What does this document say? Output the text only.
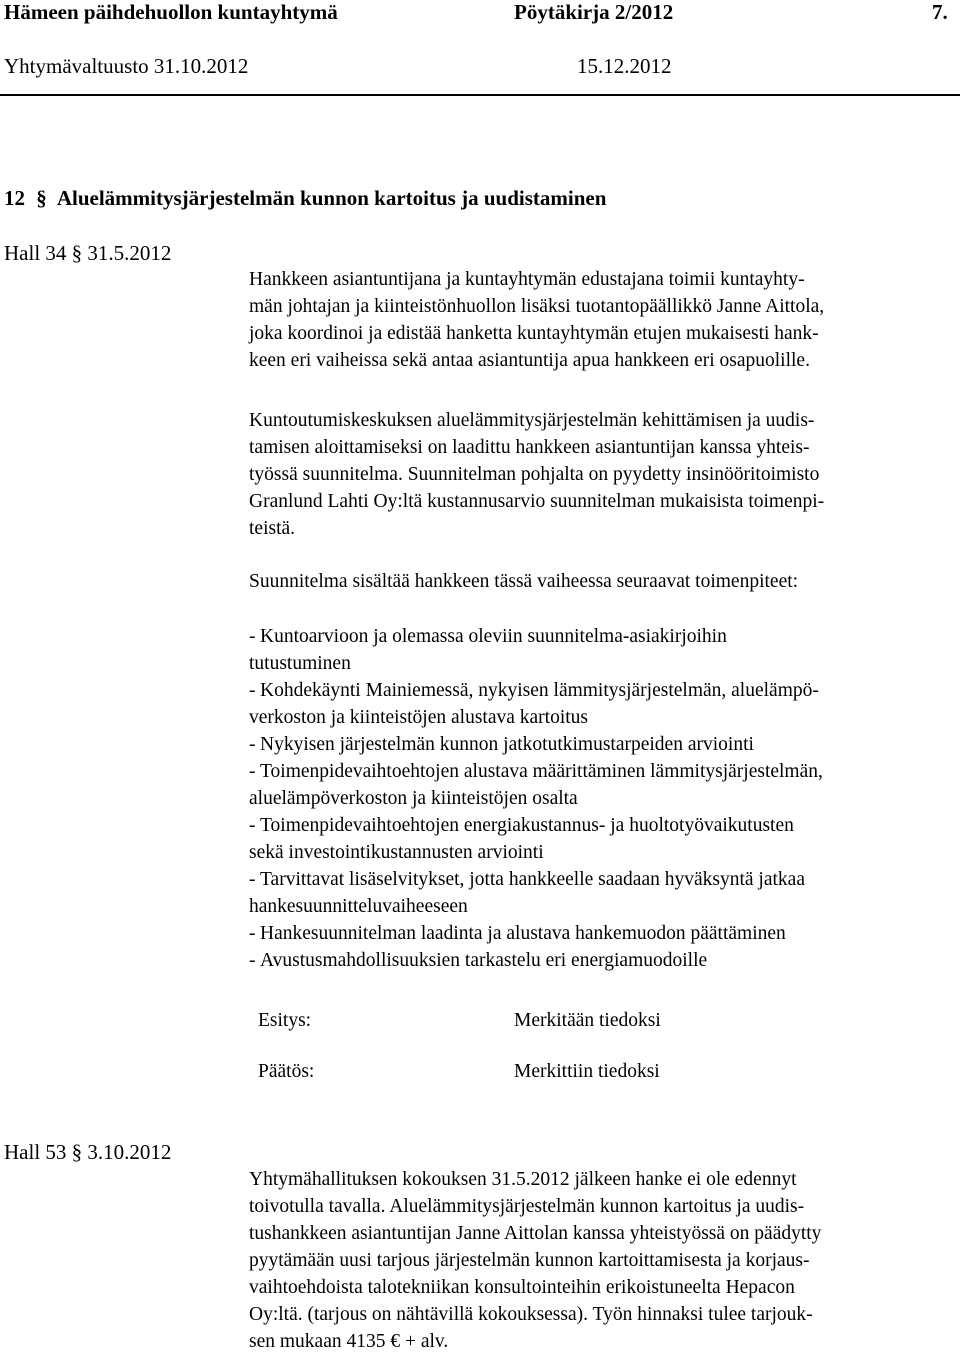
Hämeen päihdehuollon kuntayhtymä	Pöytäkirja 2/2012	7.
Yhtymävaltuusto 31.10.2012	15.12.2012
12 § Aluelämmitysjärjestelmän kunnon kartoitus ja uudistaminen
Hall 34 § 31.5.2012
Hankkeen asiantuntijana ja kuntayhtymän edustajana toimii kuntayhty-
män johtajan ja kiinteistönhuollon lisäksi tuotantopäällikkö Janne Aittola,
joka koordinoi ja edistää hanketta kuntayhtymän etujen mukaisesti hank-
keen eri vaiheissa sekä antaa asiantuntija apua hankkeen eri osapuolille.
Kuntoutumiskeskuksen aluelämmitysjärjestelmän kehittämisen ja uudis-
tamisen aloittamiseksi on laadittu hankkeen asiantuntijan kanssa yhteis-
työssä suunnitelma. Suunnitelman pohjalta on pyydetty insinööritoimisto
Granlund Lahti Oy:ltä kustannusarvio suunnitelman mukaisista toimenpi-
teistä.
Suunnitelma sisältää hankkeen tässä vaiheessa seuraavat toimenpiteet:
- Kuntoarvioon ja olemassa oleviin suunnitelma-asiakirjoihin
tutustuminen
- Kohdekäynti Mainiemessä, nykyisen lämmitysjärjestelmän, aluelämpö-
verkoston ja kiinteistöjen alustava kartoitus
- Nykyisen järjestelmän kunnon jatkotutkimustarpeiden arviointi
- Toimenpidevaihtoehtojen alustava määrittäminen lämmitysjärjestelmän,
aluelämpöverkoston ja kiinteistöjen osalta
- Toimenpidevaihtoehtojen energiakustannus- ja huoltotyövaikutusten
sekä investointikustannusten arviointi
- Tarvittavat lisäselvitykset, jotta hankkeelle saadaan hyväksyntä jatkaa
hankesuunnitteluvaiheeseen
- Hankesuunnitelman laadinta ja alustava hankemuodon päättäminen
- Avustusmahdollisuuksien tarkastelu eri energiamuodoille
Esitys:	Merkitään tiedoksi
Päätös:	Merkittiin tiedoksi
Hall 53 § 3.10.2012
Yhtymähallituksen kokouksen 31.5.2012 jälkeen hanke ei ole edennyt
toivotulla tavalla. Aluelämmitysjärjestelmän kunnon kartoitus ja uudis-
tushankkeen asiantuntijan Janne Aittolan kanssa yhteistyössä on päädytty
pyytämään uusi tarjous järjestelmän kunnon kartoittamisesta ja korjaus-
vaihtoehdoista talotekniikan konsultointeihin erikoistuneelta Hepacon
Oy:ltä. (tarjous on nähtävillä kokouksessa). Työn hinnaksi tulee tarjouk-
sen mukaan 4135 € + alv.
